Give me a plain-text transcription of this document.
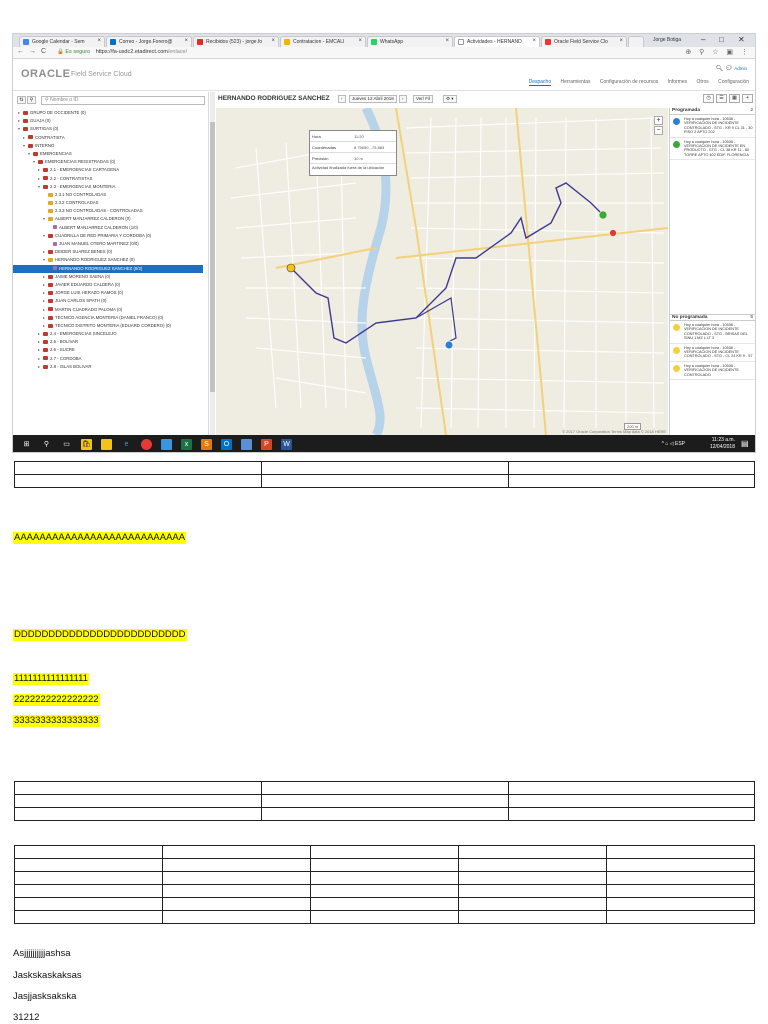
Google Calendar - Sem ×	Correo - Jorge.Forero@ ×	Recibidos (523) - jorge.fo ×	Contratacion - EMCALI ×	WhatsApp	×	Actividades - HERNAND ×	Oracle Field Service Clo ×	Jorge Botiga – □ ✕
← → C 🔒 Es seguro https://fa-usdc2.etadirect.com/enlace/	⊕ ⚲ ☆ ▣ ⋮
ORACLE Field Service Cloud
🔍︎ 💬︎ Admin
Despacho Herramientas Configuración de recursos Informes Otros Configuración
⇅ ⚲	⚲ Nombre o ID
▸ GRUPO DE OCCIDENTE (0)
▸ GUAJA (0)
▾ SURTIGAS (0)
▸ CONTRATISTA
▾ INTERNO
▾ EMERGENCIAS
▾ EMERGENCIAS REGISTRADAS (0)
▸ 2.1 - EMERGENCIAS CARTAGENA
▸ 2.2 - CONTRATISTAS
▾ 2.3 - EMERGENCIAS MONTERIA
2.3.1 NO CONTROLADAS
2.3.2 CONTROLADAS
2.3.3 NO CONTROLADAS - CONTROLADAS
▾ ALBERT MANJARREZ CALDERON (0)
ALBERT MANJARREZ CALDERON (1/0)
▾ CUADRILLA DE RED PRIMARIA Y CORDOBA (0)
JUAN MANUEL OTERO MARTINEZ (0/0)
▸ DEIDER SUAREZ BENES (0)
▾ HERNANDO RODRIGUEZ SANCHEZ (0)
HERNANDO RODRIGUEZ SANCHEZ (0/2)
▸ JAIME MORENO SAENA (0)
▸ JAVIER EDUARDO CALDERA (0)
▸ JORGE LUIS HERAZO RAMOS (0)
▸ JUAN CARLOS SPATH (0)
▸ MARTIN CUADRADO PALOMA (0)
▸ TECNICO AGENCIA MONTERIA (DANIEL FRANCO) (0)
▸ TECNICO DISTRITO MONTERIA (EDUARD CORDERO) (0)
▸ 2.4 - EMERGENCIAS SINCELEJO
▸ 2.5 - BOLIVAR
▸ 2.6 - SUCRE
▸ 2.7 - CORDOBA
▸ 2.8 - ISLAS BOLIVAR
HERNANDO RODRIGUEZ SANCHEZ	‹	Jueves 12 Abril 2018	›	Ver/ Fil	⚙ ▾	◷ ☰ ▦ +
+
−
200 m
© 2017 Oracle Corporation Terms Map data © 2018 HERE
Hora	11:20
Coordenadas	8.75650, -75.883
Precisión	10 m
Actividad finalizada fuera de la ubicación
Programada	2
Hoy a cualquier hora - 10536 - VERIFICACION DE INCIDENTE CONTROLADO - STG - KR 9 CL 31 - 30 PISO 2 APTO 202
Hoy a cualquier hora - 10536 - VERIFICACION DE INCIDENTE EN PRODUCTO - STG - CL 38 KR 11 - 80 TORRE APTO 402 EDIF. FLORENCIA
No programada	5
Hoy a cualquier hora - 10536 - VERIFICACION DE INCIDENTE CONTROLADO - STG - BRISAS DEL SINU 1 MZ L LT 3
Hoy a cualquier hora - 10536 - VERIFICACION DE INCIDENTE CONTROLADO - STG - CL 24 KR 9 - 57
Hoy a cualquier hora - 10536 - VERIFICACION DE INCIDENTE CONTROLADO
⊞	⚲	▭	🛍︎	e	x	S	O	P	W	^ ⌂ ◁ ESP
11:23 a.m.
12/04/2018 ▤

AAAAAAAAAAAAAAAAAAAAAAAAAAA
DDDDDDDDDDDDDDDDDDDDDDDDD
1111111111111111
2222222222222222
3333333333333333

Asjjjjjjjjjjashsa
Jaskskaskaksas
Jasjjasksakska
31212
